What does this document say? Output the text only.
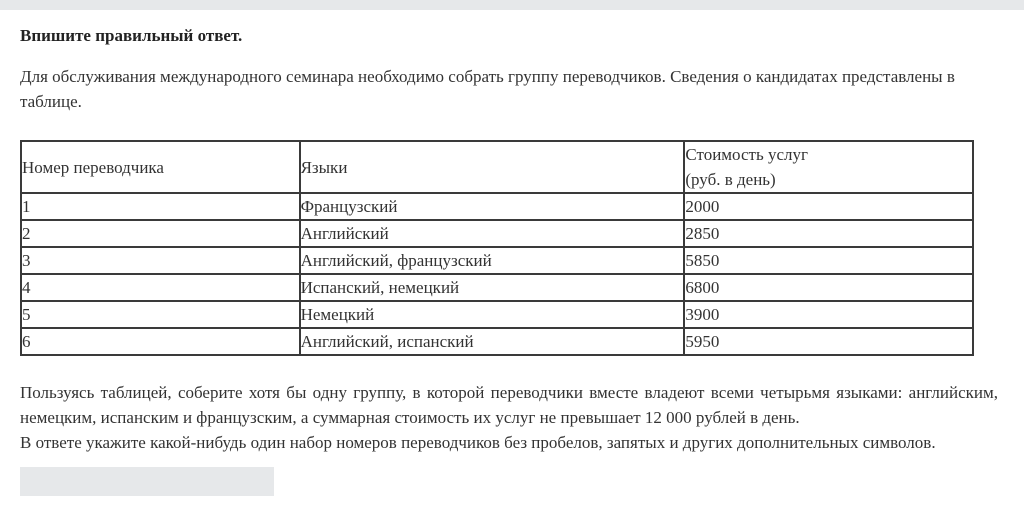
Впишите правильный ответ.

Для обслуживания международного семинара необходимо собрать группу переводчиков. Сведения о кандидатах представлены в таблице.

Номер переводчика	Языки	Стоимость услуг
(руб. в день)
1	Французский	2000
2	Английский	2850
3	Английский, французский	5850
4	Испанский, немецкий	6800
5	Немецкий	3900
6	Английский, испанский	5950

Пользуясь таблицей, соберите хотя бы одну группу, в которой переводчики вместе владеют всеми четырьмя языками: английским, немецким, испанским и французским, а суммарная стоимость их услуг не превышает 12 000 рублей в день.

В ответе укажите какой-нибудь один набор номеров переводчиков без пробелов, запятых и других дополнительных символов.
